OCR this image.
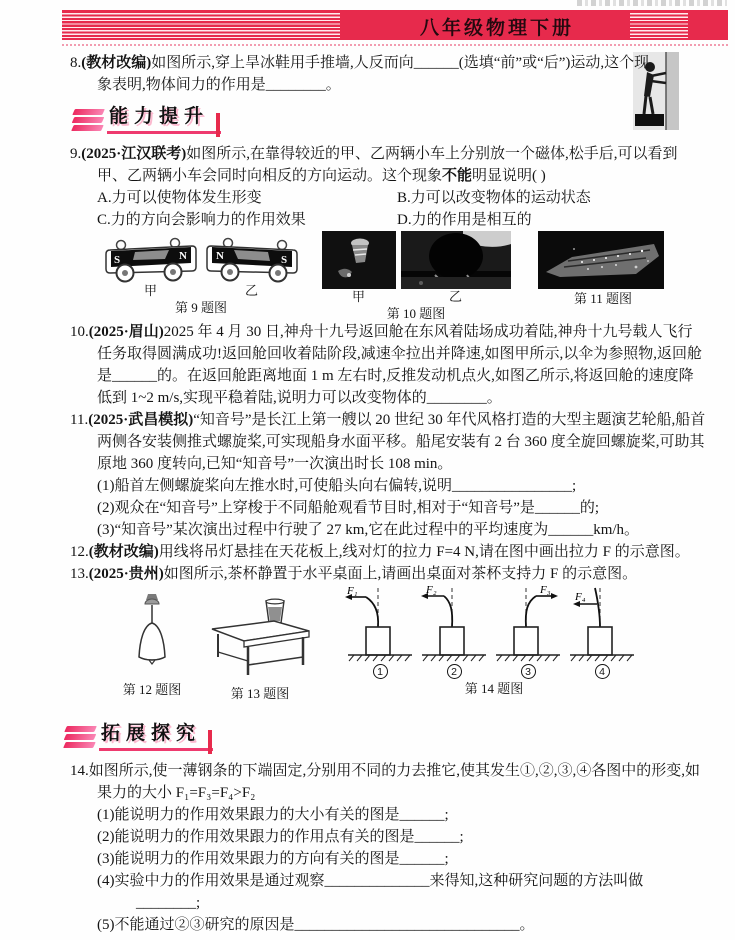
八年级物理下册
8.(教材改编)如图所示,穿上旱冰鞋用手推墙,人反而向______(选填“前”或“后”)运动,这个现象表明,物体间力的作用是________。
能力提升
9.(2025·江汉联考)如图所示,在靠得较近的甲、乙两辆小车上分别放一个磁体,松手后,可以看到甲、乙两辆小车会同时向相反的方向运动。这个现象不能明显说明( )
A.力可以使物体发生形变	B.力可以改变物体的运动状态
C.力的方向会影响力的作用效果	D.力的作用是相互的
S	N
甲
N	S
乙
第 9 题图
甲	乙
第 10 题图
第 11 题图
10.(2025·眉山)2025 年 4 月 30 日,神舟十九号返回舱在东风着陆场成功着陆,神舟十九号载人飞行任务取得圆满成功!返回舱回收着陆阶段,减速伞拉出并降速,如图甲所示,以伞为参照物,返回舱是______的。在返回舱距离地面 1 m 左右时,反推发动机点火,如图乙所示,将返回舱的速度降低到 1~2 m/s,实现平稳着陆,说明力可以改变物体的________。
11.(2025·武昌模拟)“知音号”是长江上第一艘以 20 世纪 30 年代风格打造的大型主题演艺轮船,船首两侧各安装侧推式螺旋桨,可实现船身水面平移。船尾安装有 2 台 360 度全旋回螺旋桨,可助其原地 360 度转向,已知“知音号”一次演出时长 108 min。
(1)船首左侧螺旋桨向左推水时,可使船头向右偏转,说明________________;
(2)观众在“知音号”上穿梭于不同船舱观看节目时,相对于“知音号”是______的;
(3)“知音号”某次演出过程中行驶了 27 km,它在此过程中的平均速度为______km/h。
12.(教材改编)用线将吊灯悬挂在天花板上,线对灯的拉力 F=4 N,请在图中画出拉力 F 的示意图。
13.(2025·贵州)如图所示,茶杯静置于水平桌面上,请画出桌面对茶杯支持力 F 的示意图。
第 12 题图	第 13 题图
F₁
1
F₂
2
F₃
3
F₄
4
第 14 题图
拓展探究
14.如图所示,使一薄钢条的下端固定,分别用不同的力去推它,使其发生①,②,③,④各图中的形变,如果力的大小 F₁=F₃=F₄>F₂
(1)能说明力的作用效果跟力的大小有关的图是______;
(2)能说明力的作用效果跟力的作用点有关的图是______;
(3)能说明力的作用效果跟力的方向有关的图是______;
(4)实验中力的作用效果是通过观察______________来得知,这种研究问题的方法叫做
________;
(5)不能通过②③研究的原因是______________________________。
